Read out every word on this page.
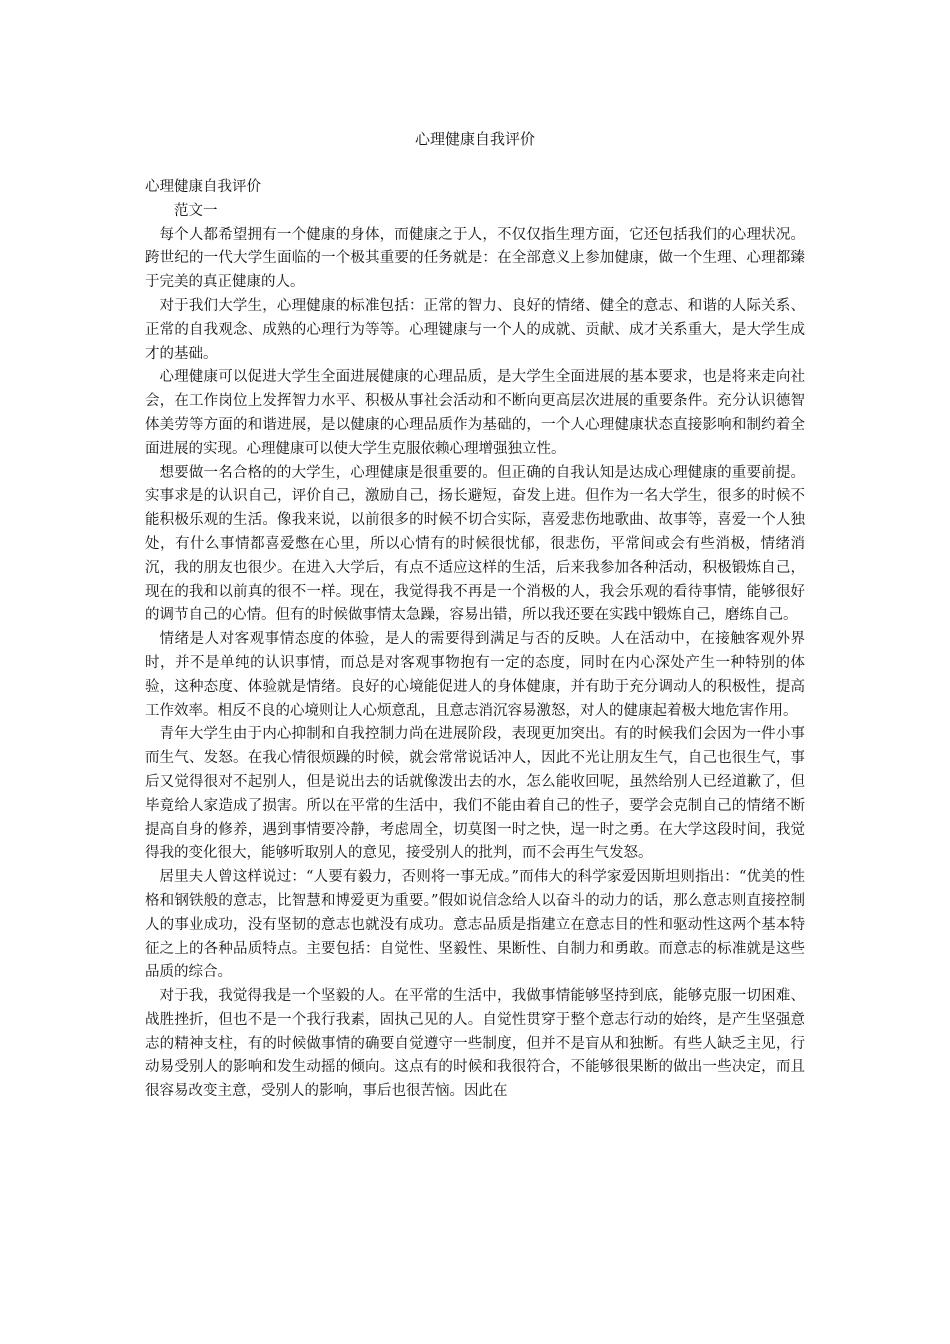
心理健康自我评价

心理健康自我评价

范文一

每个人都希望拥有一个健康的身体，而健康之于人，不仅仅指生理方面，它还包括我们的心理状况。跨世纪的一代大学生面临的一个极其重要的任务就是：在全部意义上参加健康，做一个生理、心理都臻于完美的真正健康的人。

对于我们大学生，心理健康的标准包括：正常的智力、良好的情绪、健全的意志、和谐的人际关系、正常的自我观念、成熟的心理行为等等。心理键康与一个人的成就、贡献、成才关系重大，是大学生成才的基础。

心理健康可以促进大学生全面进展健康的心理品质，是大学生全面进展的基本要求，也是将来走向社会，在工作岗位上发挥智力水平、积极从事社会活动和不断向更高层次进展的重要条件。充分认识德智体美劳等方面的和谐进展，是以健康的心理品质作为基础的，一个人心理健康状态直接影响和制约着全面进展的实现。心理健康可以使大学生克服依赖心理增强独立性。

想要做一名合格的的大学生，心理健康是很重要的。但正确的自我认知是达成心理健康的重要前提。实事求是的认识自己，评价自己，激励自己，扬长避短，奋发上进。但作为一名大学生，很多的时候不能积极乐观的生活。像我来说，以前很多的时候不切合实际，喜爱悲伤地歌曲、故事等，喜爱一个人独处，有什么事情都喜爱憋在心里，所以心情有的时候很忧郁，很悲伤，平常间或会有些消极，情绪消沉，我的朋友也很少。在进入大学后，有点不适应这样的生活，后来我参加各种活动，积极锻炼自己，现在的我和以前真的很不一样。现在，我觉得我不再是一个消极的人，我会乐观的看待事情，能够很好的调节自己的心情。但有的时候做事情太急躁，容易出错，所以我还要在实践中锻炼自己，磨练自己。

情绪是人对客观事情态度的体验，是人的需要得到满足与否的反映。人在活动中，在接触客观外界时，并不是单纯的认识事情，而总是对客观事物抱有一定的态度，同时在内心深处产生一种特别的体验，这种态度、体验就是情绪。良好的心境能促进人的身体健康，并有助于充分调动人的积极性，提高工作效率。相反不良的心境则让人心烦意乱，且意志消沉容易激怒，对人的健康起着极大地危害作用。

青年大学生由于内心抑制和自我控制力尚在进展阶段，表现更加突出。有的时候我们会因为一件小事而生气、发怒。在我心情很烦躁的时候，就会常常说话冲人，因此不光让朋友生气，自己也很生气，事后又觉得很对不起别人，但是说出去的话就像泼出去的水，怎么能收回呢，虽然给别人已经道歉了，但毕竟给人家造成了损害。所以在平常的生活中，我们不能由着自己的性子，要学会克制自己的情绪不断提高自身的修养，遇到事情要冷静，考虑周全，切莫图一时之快，逞一时之勇。在大学这段时间，我觉得我的变化很大，能够听取别人的意见，接受别人的批判，而不会再生气发怒。

居里夫人曾这样说过：“人要有毅力，否则将一事无成。”而伟大的科学家爱因斯坦则指出：“优美的性格和钢铁般的意志，比智慧和博爱更为重要。”假如说信念给人以奋斗的动力的话，那么意志则直接控制人的事业成功，没有坚韧的意志也就没有成功。意志品质是指建立在意志目的性和驱动性这两个基本特征之上的各种品质特点。主要包括：自觉性、坚毅性、果断性、自制力和勇敢。而意志的标准就是这些品质的综合。

对于我，我觉得我是一个坚毅的人。在平常的生活中，我做事情能够坚持到底，能够克服一切困难、战胜挫折，但也不是一个我行我素，固执己见的人。自觉性贯穿于整个意志行动的始终，是产生坚强意志的精神支柱，有的时候做事情的确要自觉遵守一些制度，但并不是盲从和独断。有些人缺乏主见，行动易受别人的影响和发生动摇的倾向。这点有的时候和我很符合，不能够很果断的做出一些决定，而且很容易改变主意，受别人的影响，事后也很苦恼。因此在
